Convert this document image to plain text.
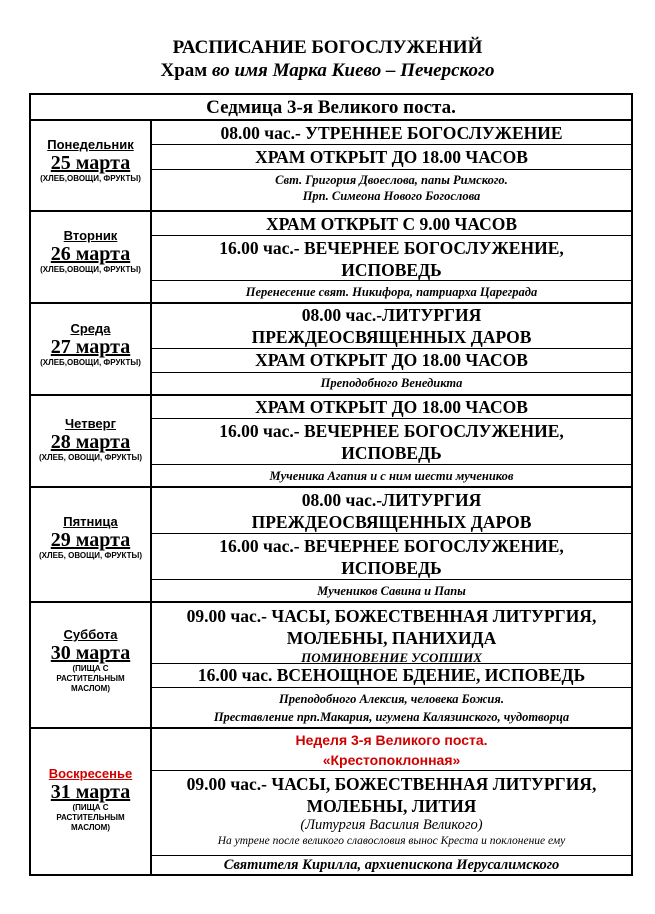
РАСПИСАНИЕ БОГОСЛУЖЕНИЙ
Храм во имя Марка Киево – Печерского
Седмица 3-я Великого поста.
Понедельник
25 марта
(ХЛЕБ,ОВОЩИ, ФРУКТЫ)
08.00 час.- УТРЕННЕЕ БОГОСЛУЖЕНИЕ
ХРАМ ОТКРЫТ ДО 18.00 ЧАСОВ
Свт. Григория Двоеслова, папы Римского.
Прп. Симеона Нового Богослова
Вторник
26 марта
(ХЛЕБ,ОВОЩИ, ФРУКТЫ)
ХРАМ ОТКРЫТ С 9.00 ЧАСОВ
16.00 час.- ВЕЧЕРНЕЕ БОГОСЛУЖЕНИЕ,
ИСПОВЕДЬ
Перенесение свят. Никифора, патриарха Цареграда
Среда
27 марта
(ХЛЕБ,ОВОЩИ, ФРУКТЫ)
08.00 час.-ЛИТУРГИЯ
ПРЕЖДЕОСВЯЩЕННЫХ ДАРОВ
ХРАМ ОТКРЫТ ДО 18.00 ЧАСОВ
Преподобного Венедикта
Четверг
28 марта
(ХЛЕБ, ОВОЩИ, ФРУКТЫ)
ХРАМ ОТКРЫТ ДО 18.00 ЧАСОВ
16.00 час.- ВЕЧЕРНЕЕ БОГОСЛУЖЕНИЕ,
ИСПОВЕДЬ
Мученика Агапия и с ним шести мучеников
Пятница
29 марта
(ХЛЕБ, ОВОЩИ, ФРУКТЫ)
08.00 час.-ЛИТУРГИЯ
ПРЕЖДЕОСВЯЩЕННЫХ ДАРОВ
16.00 час.- ВЕЧЕРНЕЕ БОГОСЛУЖЕНИЕ,
ИСПОВЕДЬ
Мучеников Савина и Папы
Суббота
30 марта
(ПИЩА С РАСТИТЕЛЬНЫМ МАСЛОМ)
09.00 час.- ЧАСЫ, БОЖЕСТВЕННАЯ ЛИТУРГИЯ,
МОЛЕБНЫ, ПАНИХИДА
ПОМИНОВЕНИЕ УСОПШИХ
16.00 час. ВСЕНОЩНОЕ БДЕНИЕ, ИСПОВЕДЬ
Преподобного Алексия, человека Божия.
Преставление прп.Макария, игумена Калязинского, чудотворца
Воскресенье
31 марта
(ПИЩА С РАСТИТЕЛЬНЫМ МАСЛОМ)
Неделя 3-я Великого поста.
«Крестопоклонная»
09.00 час.- ЧАСЫ, БОЖЕСТВЕННАЯ ЛИТУРГИЯ,
МОЛЕБНЫ, ЛИТИЯ
(Литургия Василия Великого)
На утрене после великого славословия вынос Креста и поклонение ему
Святителя Кирилла, архиепископа Иерусалимского
